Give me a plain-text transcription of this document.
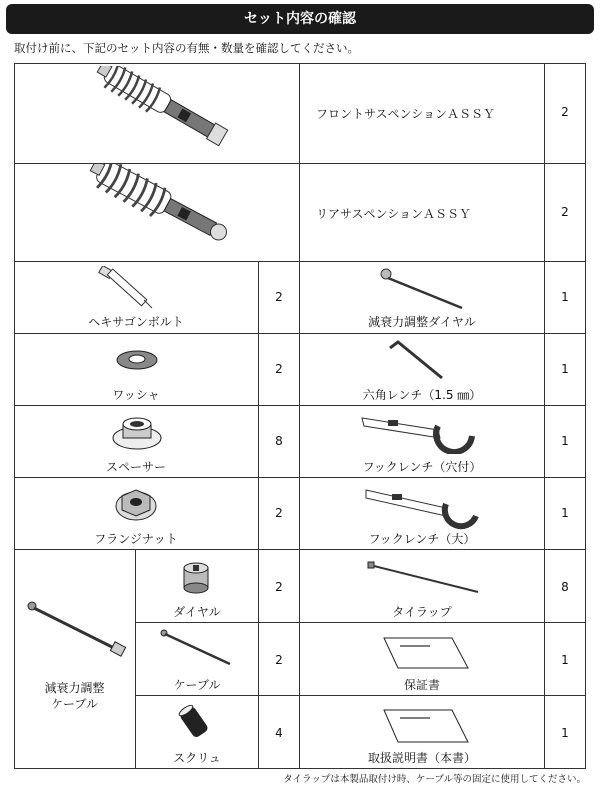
セット内容の確認
取付け前に、下記のセット内容の有無・数量を確認してください。
フロントサスペンションＡＳＳＹ	2
リアサスペンションＡＳＳＹ	2
ヘキサゴンボルト
2
減衰力調整ダイヤル
1
ワッシャ
2
六角レンチ（1.5 ㎜）
1
スペーサー
8
フックレンチ（穴付）
1
フランジナット
2
フックレンチ（大）
1
減衰力調整
ケーブル
ダイヤル
2
ケーブル
2
スクリュ
4
タイラップ
8
保証書
1
取扱説明書（本書）
1
タイラップは本製品取付け時、ケーブル等の固定に使用してください。
